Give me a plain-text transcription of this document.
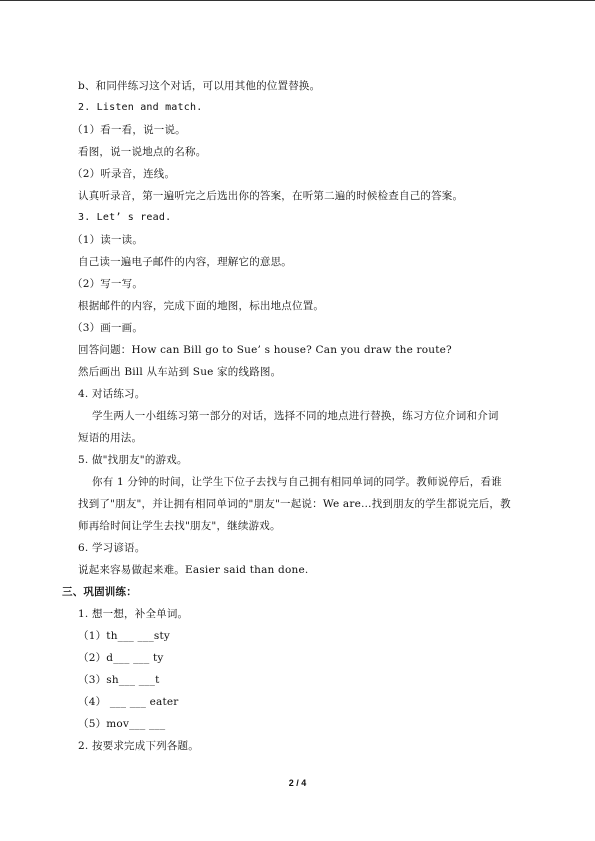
b、和同伴练习这个对话，可以用其他的位置替换。
2. Listen and match.
（1）看一看，说一说。
看图，说一说地点的名称。
（2）听录音，连线。
认真听录音，第一遍听完之后选出你的答案，在听第二遍的时候检查自己的答案。
3. Let’ s read.
（1）读一读。
自己读一遍电子邮件的内容，理解它的意思。
（2）写一写。
根据邮件的内容，完成下面的地图，标出地点位置。
（3）画一画。
回答问题：How can Bill go to Sue’ s house? Can you draw the route?
然后画出 Bill 从车站到 Sue 家的线路图。
4. 对话练习。
学生两人一小组练习第一部分的对话，选择不同的地点进行替换，练习方位介词和介词
短语的用法。
5. 做"找朋友"的游戏。
你有 1 分钟的时间，让学生下位子去找与自己拥有相同单词的同学。教师说停后，看谁
找到了"朋友"，并让拥有相同单词的"朋友"一起说：We are…找到朋友的学生都说完后，教
师再给时间让学生去找"朋友"，继续游戏。
6. 学习谚语。
说起来容易做起来难。Easier said than done.
三、巩固训练：
1. 想一想，补全单词。
（1）th___ ___sty
（2）d___ ___ ty
（3）sh___ ___t
（4） ___ ___ eater
（5）mov___ ___
2. 按要求完成下列各题。
2 / 4
